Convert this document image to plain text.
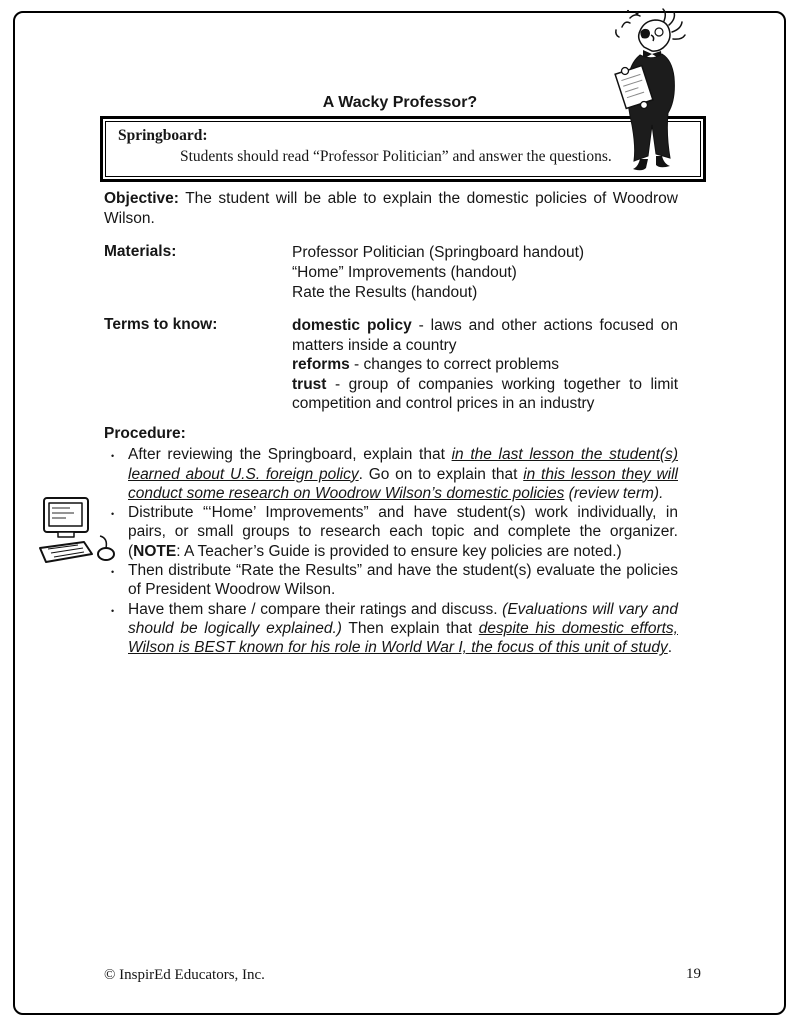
A Wacky Professor?
Springboard:
Students should read “Professor Politician” and answer the questions.

Objective: The student will be able to explain the domestic policies of Woodrow Wilson.

Materials:	Professor Politician (Springboard handout)
“Home” Improvements (handout)
Rate the Results (handout)
Terms to know:	domestic policy - laws and other actions focused on matters inside a country

reforms - changes to correct problems

trust - group of companies working together to limit competition and control prices in an industry

Procedure:
• After reviewing the Springboard, explain that in the last lesson the student(s) learned about U.S. foreign policy. Go on to explain that in this lesson they will conduct some research on Woodrow Wilson’s domestic policies (review term).
• Distribute “‘Home’ Improvements” and have student(s) work individually, in pairs, or small groups to research each topic and complete the organizer. (NOTE: A Teacher’s Guide is provided to ensure key policies are noted.)
• Then distribute “Rate the Results” and have the student(s) evaluate the policies of President Woodrow Wilson.
• Have them share / compare their ratings and discuss. (Evaluations will vary and should be logically explained.) Then explain that despite his domestic efforts, Wilson is BEST known for his role in World War I, the focus of this unit of study.
© InspirEd Educators, Inc.	19
